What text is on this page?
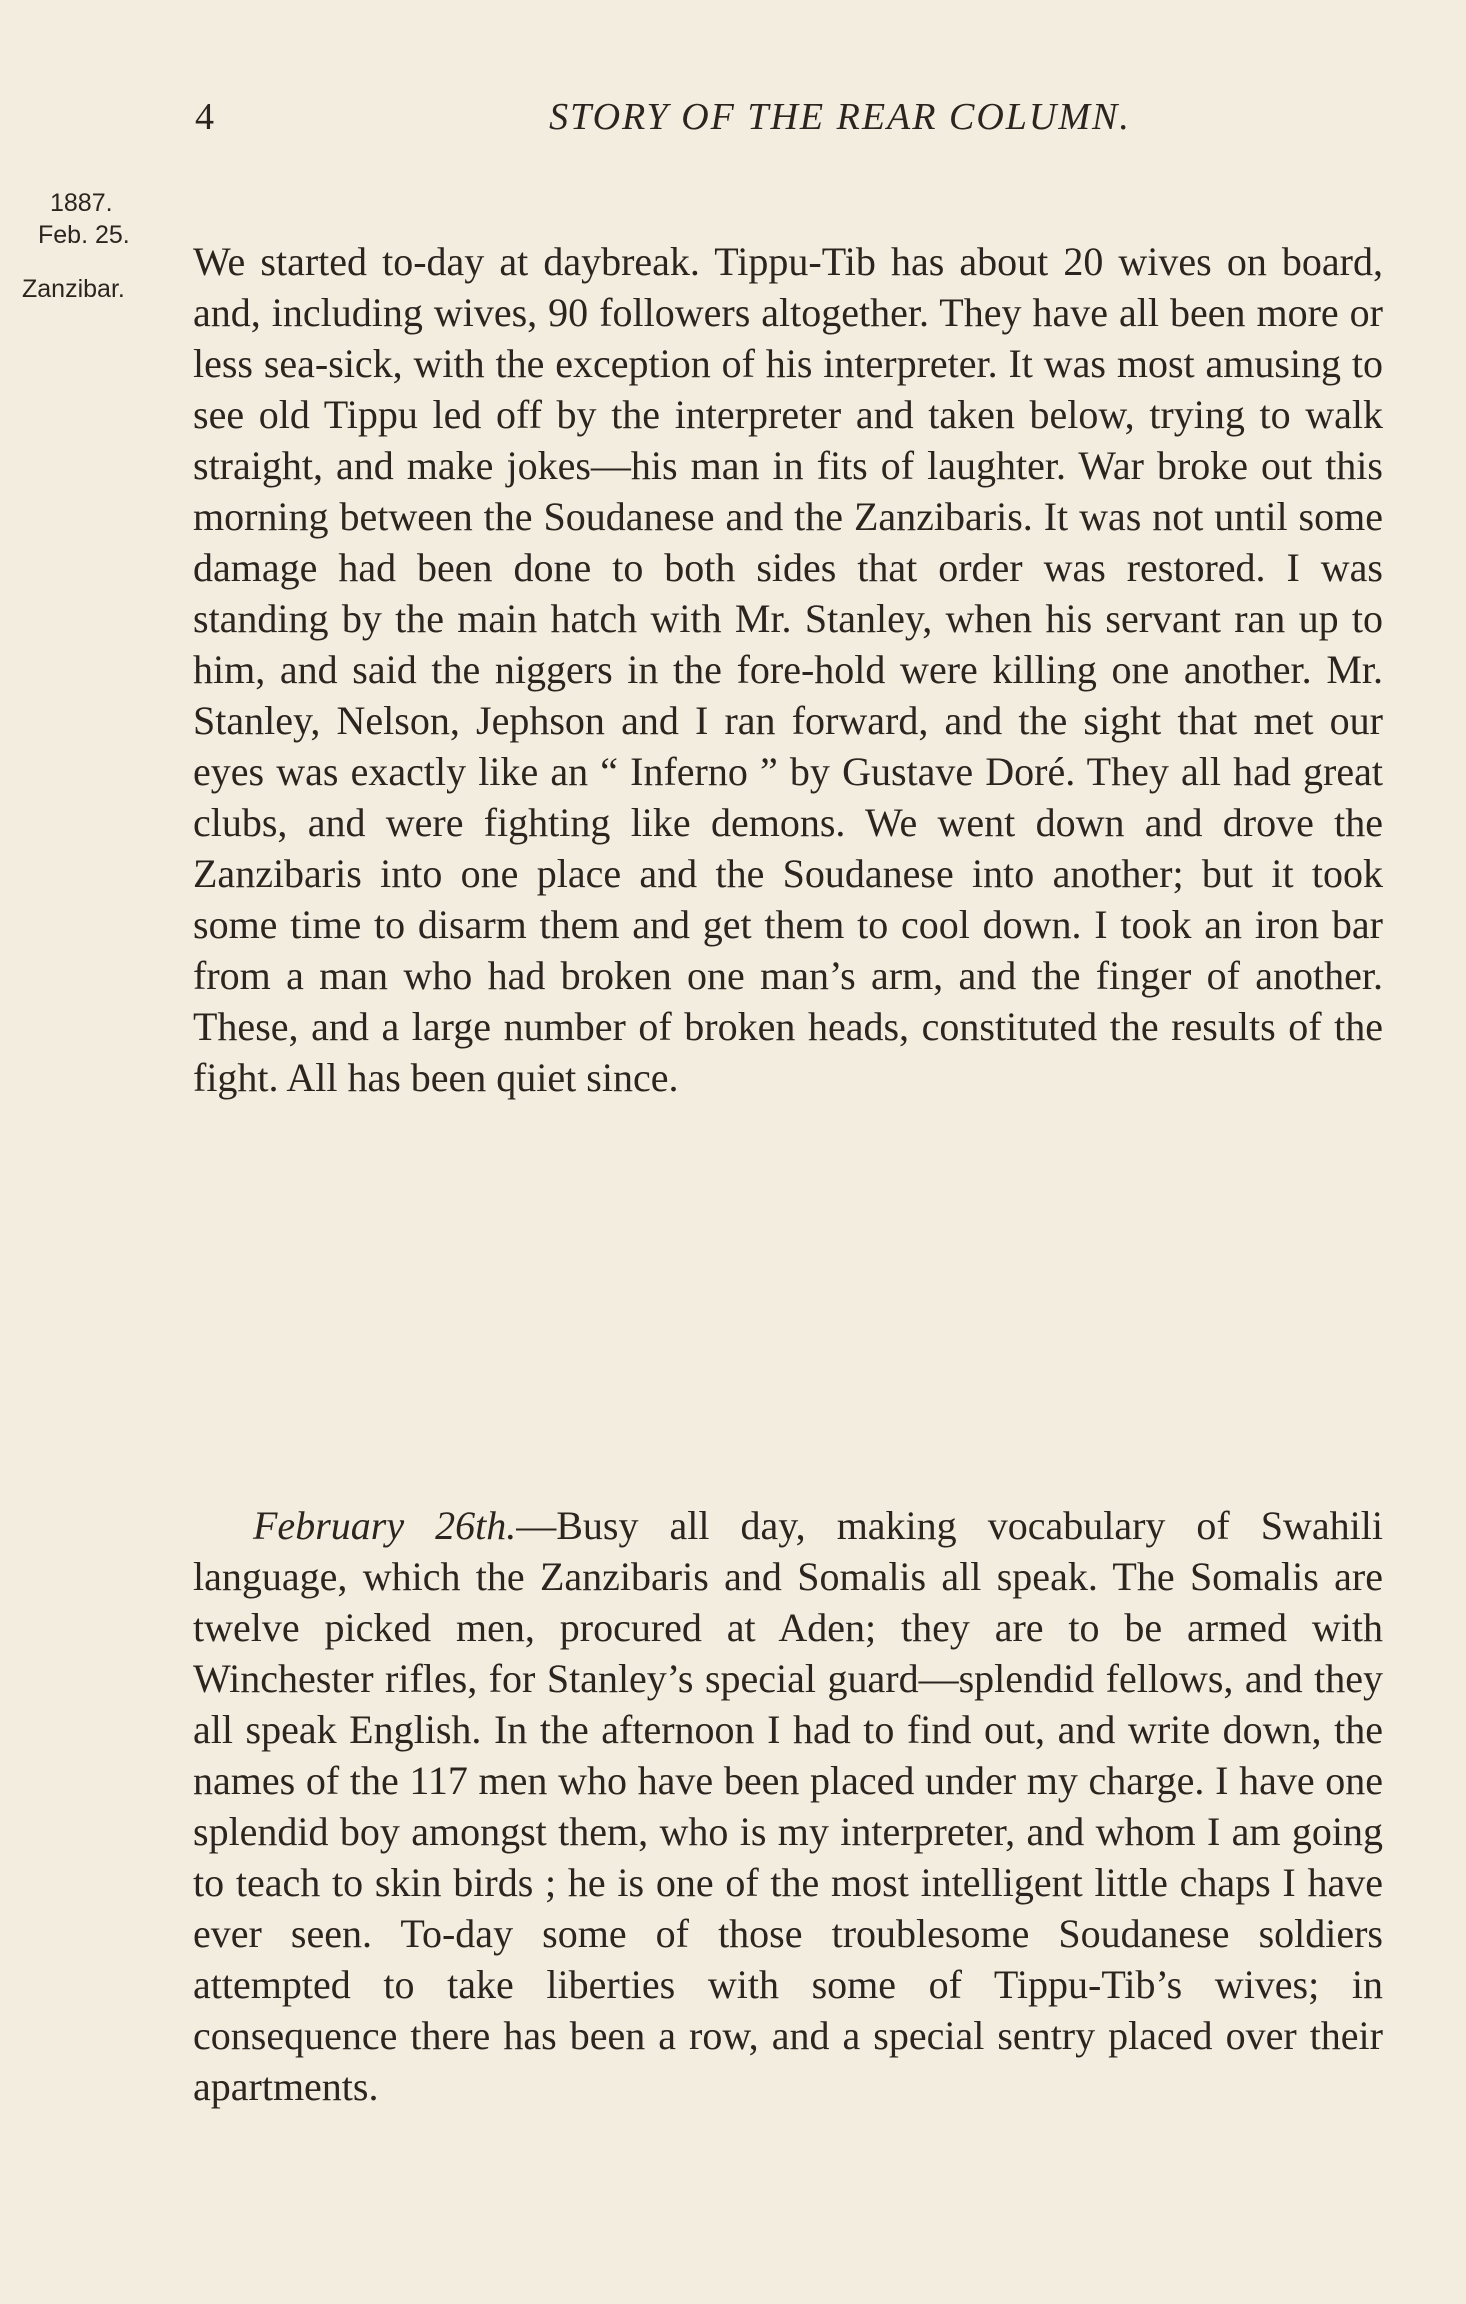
4	STORY OF THE REAR COLUMN.
1887.
Feb. 25.
Zanzibar.

We started to-day at daybreak. Tippu-Tib has about 20 wives on board, and, including wives, 90 followers altogether. They have all been more or less sea-sick, with the exception of his interpreter. It was most amusing to see old Tippu led off by the interpreter and taken below, trying to walk straight, and make jokes—his man in fits of laughter. War broke out this morning between the Soudanese and the Zanzibaris. It was not until some damage had been done to both sides that order was restored. I was standing by the main hatch with Mr. Stanley, when his servant ran up to him, and said the niggers in the fore-hold were killing one another. Mr. Stanley, Nelson, Jephson and I ran forward, and the sight that met our eyes was exactly like an “ Inferno ” by Gustave Doré. They all had great clubs, and were fighting like demons. We went down and drove the Zanzibaris into one place and the Soudanese into another; but it took some time to disarm them and get them to cool down. I took an iron bar from a man who had broken one man’s arm, and the finger of another. These, and a large number of broken heads, constituted the results of the fight. All has been quiet since.

February 26th.—Busy all day, making vocabulary of Swahili language, which the Zanzibaris and Somalis all speak. The Somalis are twelve picked men, procured at Aden; they are to be armed with Winchester rifles, for Stanley’s special guard—splendid fellows, and they all speak English. In the afternoon I had to find out, and write down, the names of the 117 men who have been placed under my charge. I have one splendid boy amongst them, who is my interpreter, and whom I am going to teach to skin birds ; he is one of the most intelligent little chaps I have ever seen. To-day some of those troublesome Soudanese soldiers attempted to take liberties with some of Tippu-Tib’s wives; in consequence there has been a row, and a special sentry placed over their apartments.
